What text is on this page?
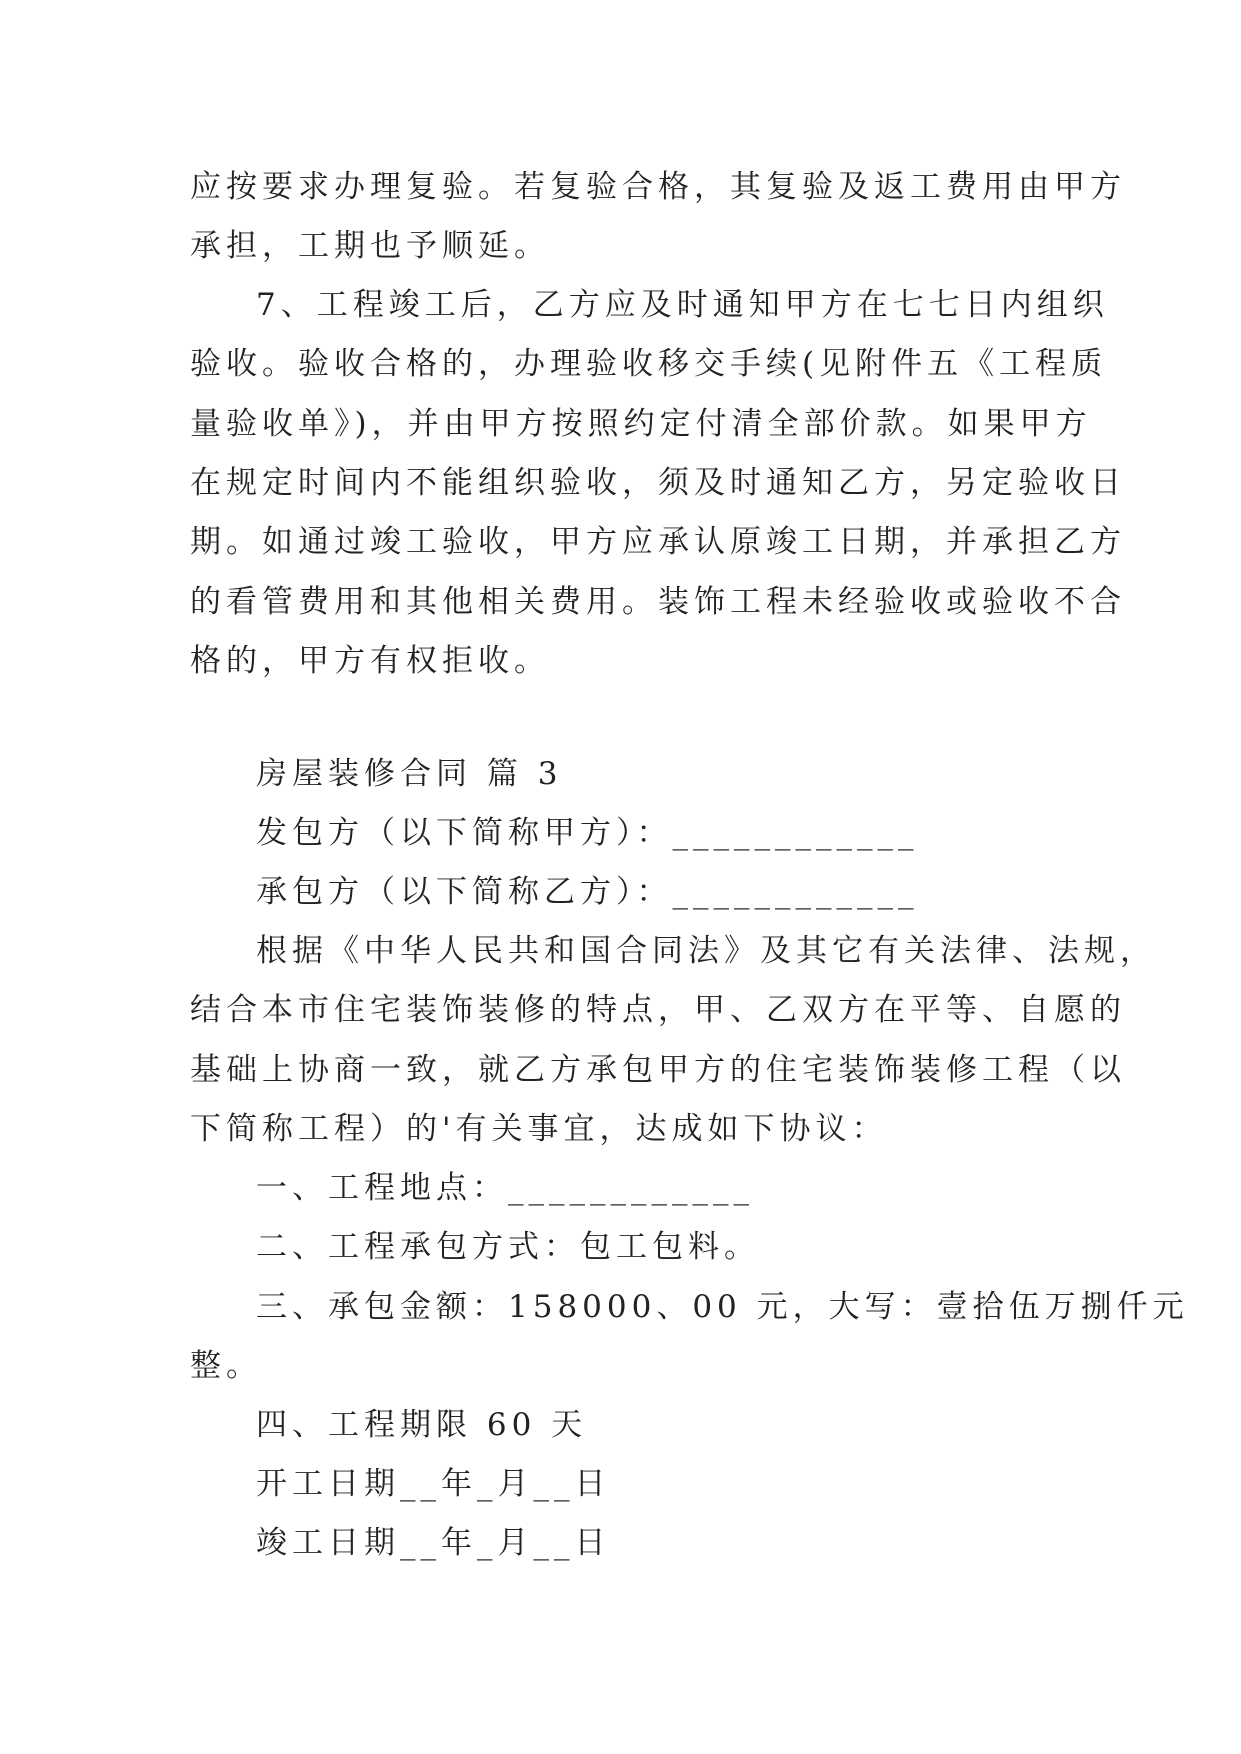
应按要求办理复验。若复验合格，其复验及返工费用由甲方
承担，工期也予顺延。
7、工程竣工后，乙方应及时通知甲方在七七日内组织
验收。验收合格的，办理验收移交手续(见附件五《工程质
量验收单》)，并由甲方按照约定付清全部价款。如果甲方
在规定时间内不能组织验收，须及时通知乙方，另定验收日
期。如通过竣工验收，甲方应承认原竣工日期，并承担乙方
的看管费用和其他相关费用。装饰工程未经验收或验收不合
格的，甲方有权拒收。
房屋装修合同 篇 3
发包方（以下简称甲方）：____________
承包方（以下简称乙方）：____________
根据《中华人民共和国合同法》及其它有关法律、法规，
结合本市住宅装饰装修的特点，甲、乙双方在平等、自愿的
基础上协商一致，就乙方承包甲方的住宅装饰装修工程（以
下简称工程）的'有关事宜，达成如下协议：
一、工程地点：____________
二、工程承包方式：包工包料。
三、承包金额：158000、00 元，大写：壹拾伍万捌仟元
整。
四、工程期限 60 天
开工日期__年_月__日
竣工日期__年_月__日
